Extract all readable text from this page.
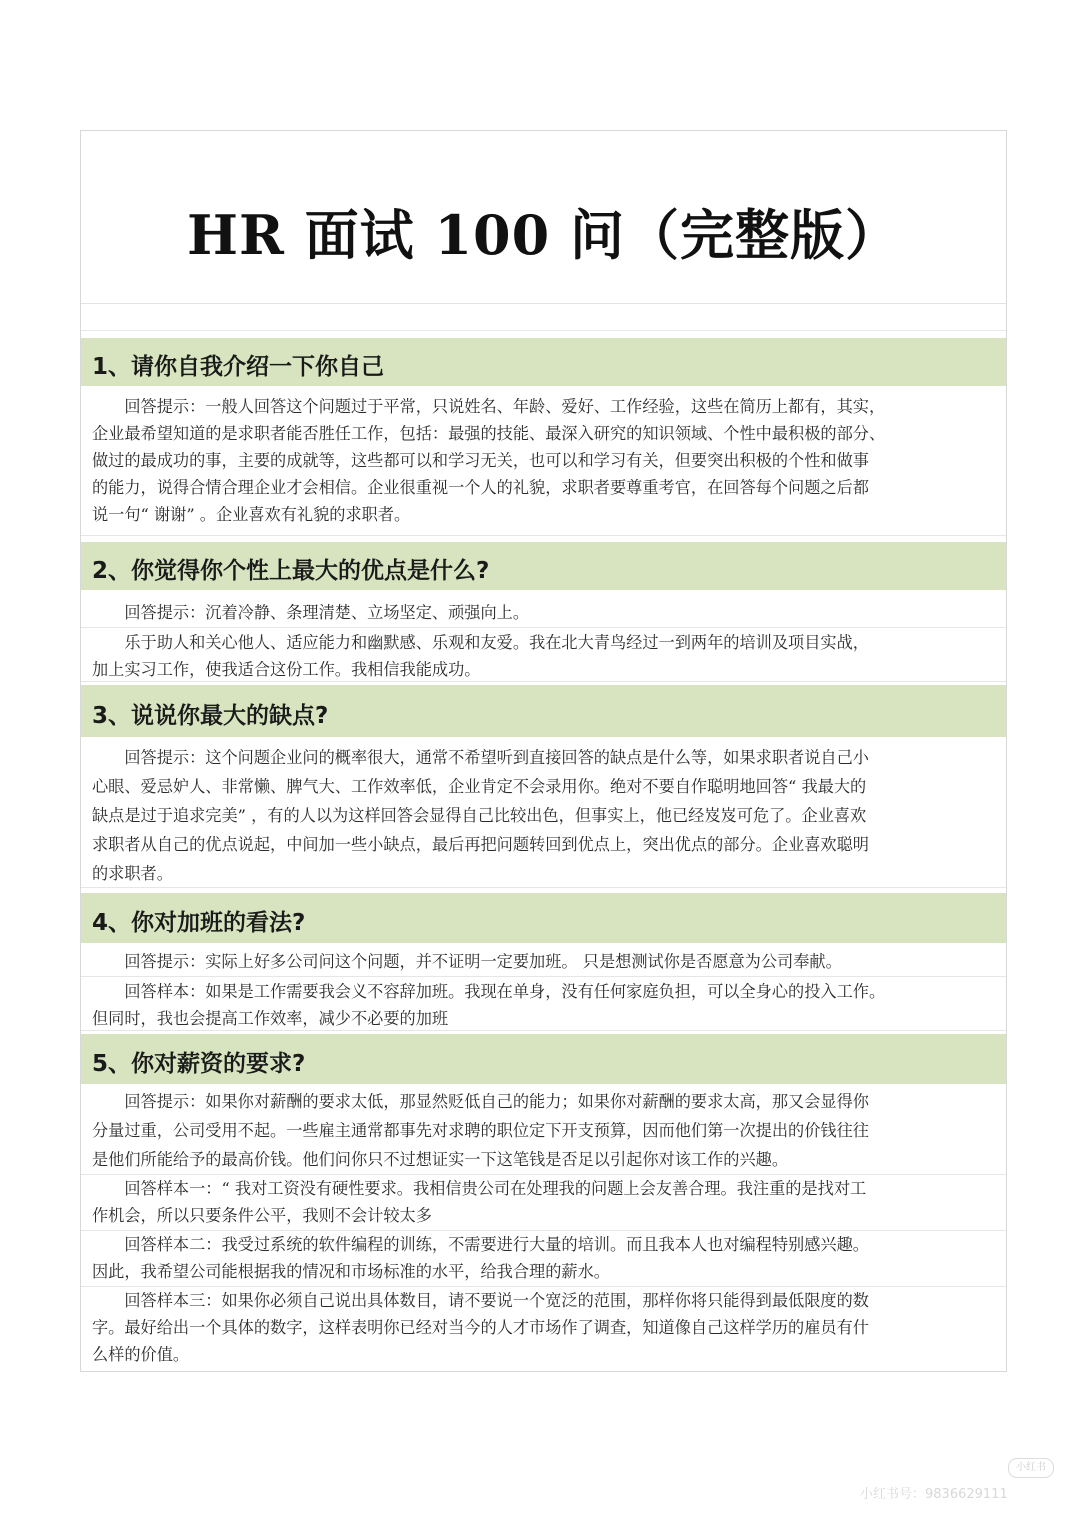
HR 面试 100 问（完整版）
1、请你自我介绍一下你自己
　　回答提示：一般人回答这个问题过于平常，只说姓名、年龄、爱好、工作经验，这些在简历上都有，其实，
企业最希望知道的是求职者能否胜任工作，包括：最强的技能、最深入研究的知识领域、个性中最积极的部分、
做过的最成功的事，主要的成就等，这些都可以和学习无关，也可以和学习有关，但要突出积极的个性和做事
的能力，说得合情合理企业才会相信。企业很重视一个人的礼貌，求职者要尊重考官，在回答每个问题之后都
说一句“ 谢谢” 。企业喜欢有礼貌的求职者。
2、你觉得你个性上最大的优点是什么?
　　回答提示：沉着冷静、条理清楚、立场坚定、顽强向上。
　　乐于助人和关心他人、适应能力和幽默感、乐观和友爱。我在北大青鸟经过一到两年的培训及项目实战，
加上实习工作，使我适合这份工作。我相信我能成功。
3、说说你最大的缺点?
　　回答提示：这个问题企业问的概率很大，通常不希望听到直接回答的缺点是什么等，如果求职者说自己小
心眼、爱忌妒人、非常懒、脾气大、工作效率低，企业肯定不会录用你。绝对不要自作聪明地回答“ 我最大的
缺点是过于追求完美” ，有的人以为这样回答会显得自己比较出色，但事实上，他已经岌岌可危了。企业喜欢
求职者从自己的优点说起，中间加一些小缺点，最后再把问题转回到优点上，突出优点的部分。企业喜欢聪明
的求职者。
4、你对加班的看法?
　　回答提示：实际上好多公司问这个问题，并不证明一定要加班。 只是想测试你是否愿意为公司奉献。
　　回答样本：如果是工作需要我会义不容辞加班。我现在单身，没有任何家庭负担，可以全身心的投入工作。
但同时，我也会提高工作效率，减少不必要的加班
5、你对薪资的要求?
　　回答提示：如果你对薪酬的要求太低，那显然贬低自己的能力；如果你对薪酬的要求太高，那又会显得你
分量过重，公司受用不起。一些雇主通常都事先对求聘的职位定下开支预算，因而他们第一次提出的价钱往往
是他们所能给予的最高价钱。他们问你只不过想证实一下这笔钱是否足以引起你对该工作的兴趣。
　　回答样本一：“ 我对工资没有硬性要求。我相信贵公司在处理我的问题上会友善合理。我注重的是找对工
作机会，所以只要条件公平，我则不会计较太多
　　回答样本二：我受过系统的软件编程的训练，不需要进行大量的培训。而且我本人也对编程特别感兴趣。
因此，我希望公司能根据我的情况和市场标准的水平，给我合理的薪水。
　　回答样本三：如果你必须自己说出具体数目，请不要说一个宽泛的范围，那样你将只能得到最低限度的数
字。最好给出一个具体的数字，这样表明你已经对当今的人才市场作了调查，知道像自己这样学历的雇员有什
么样的价值。
小红书
小红书号：9836629111
